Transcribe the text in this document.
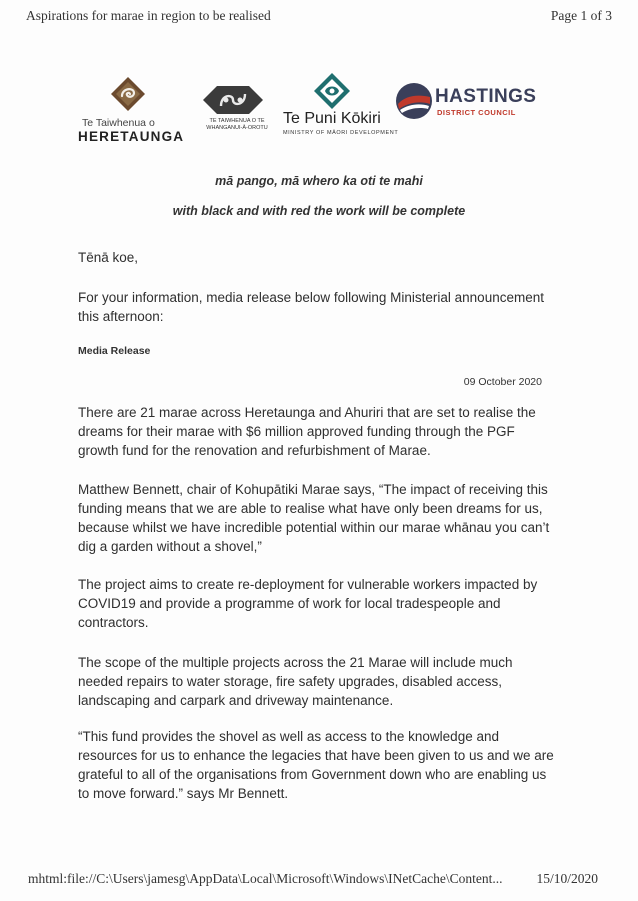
Aspirations for marae in region to be realised	Page 1 of 3
Te Taiwhenua o
HERETAUNGA
TE TAIWHENUA O TE WHANGANUI-Ā-OROTU
Te Puni Kōkiri
MINISTRY OF MĀORI DEVELOPMENT
HASTINGS
DISTRICT COUNCIL
mā pango, mā whero ka oti te mahi
with black and with red the work will be complete
Tēnā koe,
For your information, media release below following Ministerial announcement this afternoon:
Media Release
09 October 2020
There are 21 marae across Heretaunga and Ahuriri that are set to realise the dreams for their marae with $6 million approved funding through the PGF growth fund for the renovation and refurbishment of Marae.
Matthew Bennett, chair of Kohupātiki Marae says, “The impact of receiving this funding means that we are able to realise what have only been dreams for us, because whilst we have incredible potential within our marae whānau you can’t dig a garden without a shovel,”
The project aims to create re-deployment for vulnerable workers impacted by COVID19 and provide a programme of work for local tradespeople and contractors.
The scope of the multiple projects across the 21 Marae will include much needed repairs to water storage, fire safety upgrades, disabled access, landscaping and carpark and driveway maintenance.
“This fund provides the shovel as well as access to the knowledge and resources for us to enhance the legacies that have been given to us and we are grateful to all of the organisations from Government down who are enabling us to move forward.” says Mr Bennett.
mhtml:file://C:\Users\jamesg\AppData\Local\Microsoft\Windows\INetCache\Content...	15/10/2020
